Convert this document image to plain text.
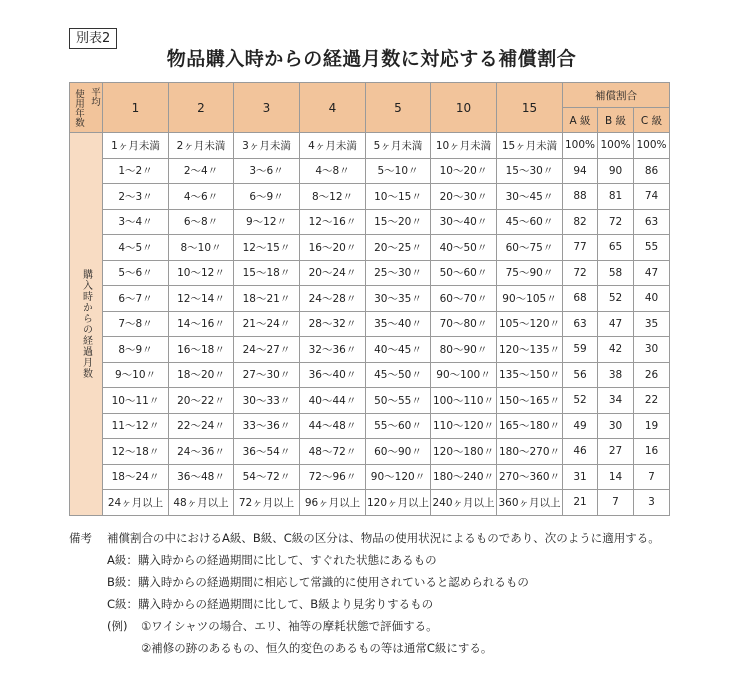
別表2
物品購入時からの経過月数に対応する補償割合
平均
使用年数	1	2	3	4	5	10	15	補償割合		
								A 級	B 級	C 級

購入時からの経過月数	1ヶ月未満	2ヶ月未満	3ヶ月未満	4ヶ月未満	5ヶ月未満	10ヶ月未満	15ヶ月未満	100%	100%	100%
	1〜2〃	2〜4〃	3〜6〃	4〜8〃	5〜10〃	10〜20〃	15〜30〃	94	90	86
	2〜3〃	4〜6〃	6〜9〃	8〜12〃	10〜15〃	20〜30〃	30〜45〃	88	81	74
	3〜4〃	6〜8〃	9〜12〃	12〜16〃	15〜20〃	30〜40〃	45〜60〃	82	72	63
	4〜5〃	8〜10〃	12〜15〃	16〜20〃	20〜25〃	40〜50〃	60〜75〃	77	65	55
	5〜6〃	10〜12〃	15〜18〃	20〜24〃	25〜30〃	50〜60〃	75〜90〃	72	58	47
	6〜7〃	12〜14〃	18〜21〃	24〜28〃	30〜35〃	60〜70〃	90〜105〃	68	52	40
	7〜8〃	14〜16〃	21〜24〃	28〜32〃	35〜40〃	70〜80〃	105〜120〃	63	47	35
	8〜9〃	16〜18〃	24〜27〃	32〜36〃	40〜45〃	80〜90〃	120〜135〃	59	42	30
	9〜10〃	18〜20〃	27〜30〃	36〜40〃	45〜50〃	90〜100〃	135〜150〃	56	38	26
	10〜11〃	20〜22〃	30〜33〃	40〜44〃	50〜55〃	100〜110〃	150〜165〃	52	34	22
	11〜12〃	22〜24〃	33〜36〃	44〜48〃	55〜60〃	110〜120〃	165〜180〃	49	30	19
	12〜18〃	24〜36〃	36〜54〃	48〜72〃	60〜90〃	120〜180〃	180〜270〃	46	27	16
	18〜24〃	36〜48〃	54〜72〃	72〜96〃	90〜120〃	180〜240〃	270〜360〃	31	14	7
	24ヶ月以上	48ヶ月以上	72ヶ月以上	96ヶ月以上	120ヶ月以上	240ヶ月以上	360ヶ月以上	21	7	3
備考 補償割合の中におけるA級、B級、C級の区分は、物品の使用状況によるものであり、次のように適用する。
A級：購入時からの経過期間に比して、すぐれた状態にあるもの
B級：購入時からの経過期間に相応して常識的に使用されていると認められるもの
C級：購入時からの経過期間に比して、B級より見劣りするもの
(例) ①ワイシャツの場合、エリ、袖等の摩耗状態で評価する。
②補修の跡のあるもの、恒久的変色のあるもの等は通常C級にする。
